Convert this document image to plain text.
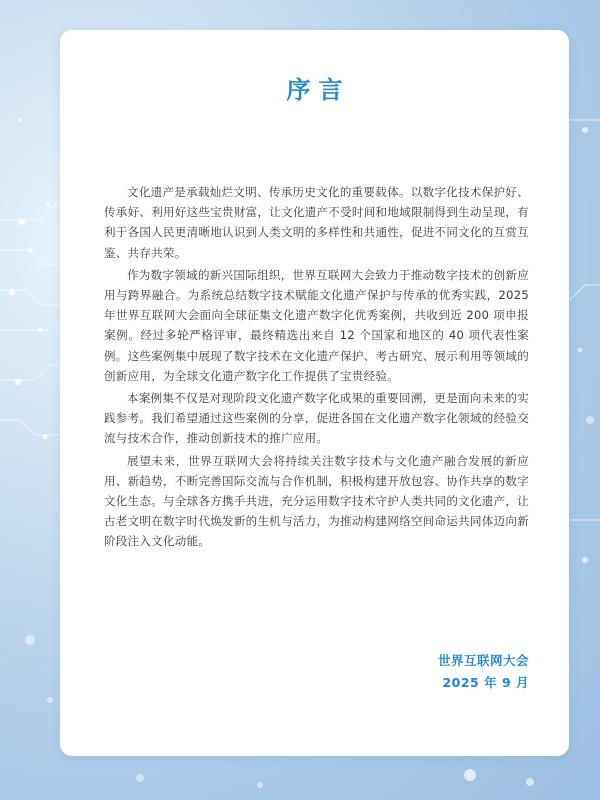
序言

文化遗产是承载灿烂文明、传承历史文化的重要载体。以数字化技术保护好、传承好、利用好这些宝贵财富，让文化遗产不受时间和地域限制得到生动呈现，有利于各国人民更清晰地认识到人类文明的多样性和共通性，促进不同文化的互赏互鉴、共存共荣。

作为数字领域的新兴国际组织，世界互联网大会致力于推动数字技术的创新应用与跨界融合。为系统总结数字技术赋能文化遗产保护与传承的优秀实践，2025 年世界互联网大会面向全球征集文化遗产数字化优秀案例，共收到近 200 项申报案例。经过多轮严格评审，最终精选出来自 12 个国家和地区的 40 项代表性案例。这些案例集中展现了数字技术在文化遗产保护、考古研究、展示利用等领域的创新应用，为全球文化遗产数字化工作提供了宝贵经验。

本案例集不仅是对现阶段文化遗产数字化成果的重要回溯，更是面向未来的实践参考。我们希望通过这些案例的分享，促进各国在文化遗产数字化领域的经验交流与技术合作，推动创新技术的推广应用。

展望未来，世界互联网大会将持续关注数字技术与文化遗产融合发展的新应用、新趋势，不断完善国际交流与合作机制，积极构建开放包容、协作共享的数字文化生态。与全球各方携手共进，充分运用数字技术守护人类共同的文化遗产，让古老文明在数字时代焕发新的生机与活力，为推动构建网络空间命运共同体迈向新阶段注入文化动能。

世界互联网大会
2025 年 9 月
